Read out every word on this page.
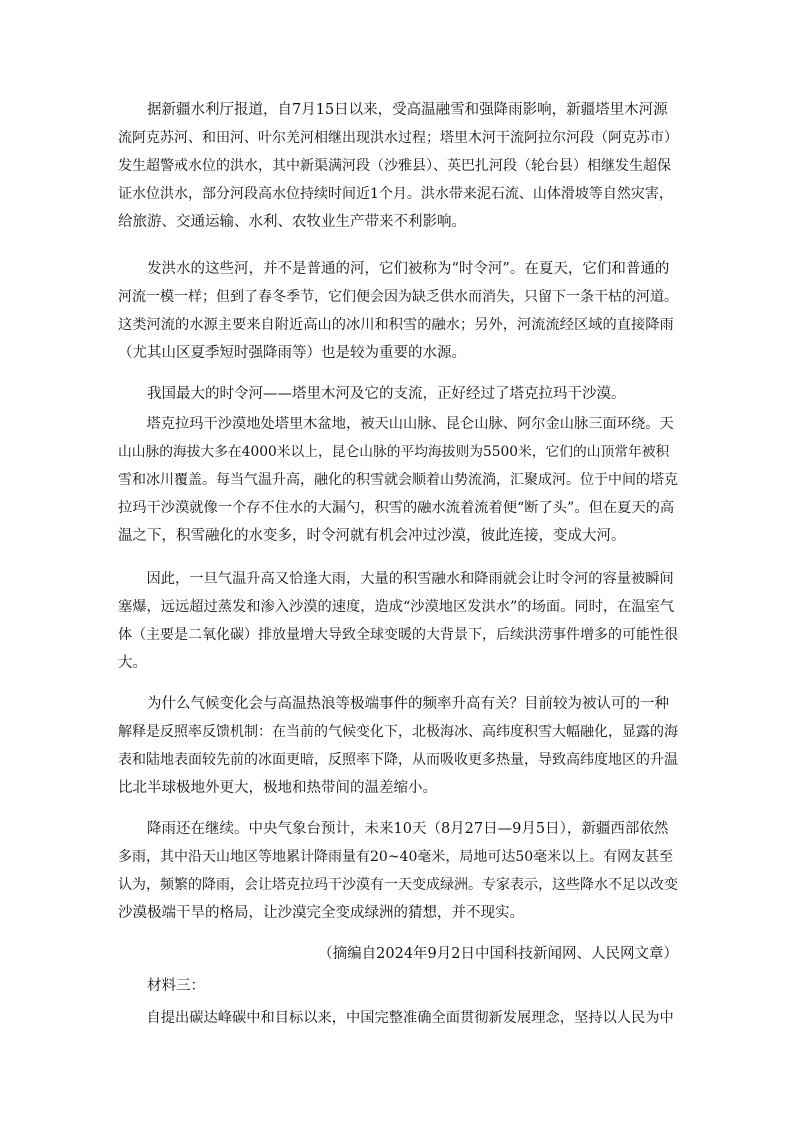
据新疆水利厅报道，自7月15日以来，受高温融雪和强降雨影响，新疆塔里木河源
流阿克苏河、和田河、叶尔羌河相继出现洪水过程；塔里木河干流阿拉尔河段（阿克苏市）
发生超警戒水位的洪水，其中新渠满河段（沙雅县）、英巴扎河段（轮台县）相继发生超保
证水位洪水，部分河段高水位持续时间近1个月。洪水带来泥石流、山体滑坡等自然灾害，
给旅游、交通运输、水利、农牧业生产带来不利影响。
发洪水的这些河，并不是普通的河，它们被称为“时令河”。在夏天，它们和普通的
河流一模一样；但到了春冬季节，它们便会因为缺乏供水而消失，只留下一条干枯的河道。
这类河流的水源主要来自附近高山的冰川和积雪的融水；另外，河流流经区域的直接降雨
（尤其山区夏季短时强降雨等）也是较为重要的水源。
我国最大的时令河——塔里木河及它的支流，正好经过了塔克拉玛干沙漠。
塔克拉玛干沙漠地处塔里木盆地，被天山山脉、昆仑山脉、阿尔金山脉三面环绕。天
山山脉的海拔大多在4000米以上，昆仑山脉的平均海拔则为5500米，它们的山顶常年被积
雪和冰川覆盖。每当气温升高，融化的积雪就会顺着山势流淌，汇聚成河。位于中间的塔克
拉玛干沙漠就像一个存不住水的大漏勺，积雪的融水流着流着便“断了头”。但在夏天的高
温之下，积雪融化的水变多，时令河就有机会冲过沙漠，彼此连接，变成大河。
因此，一旦气温升高又恰逢大雨，大量的积雪融水和降雨就会让时令河的容量被瞬间
塞爆，远远超过蒸发和渗入沙漠的速度，造成“沙漠地区发洪水”的场面。同时，在温室气
体（主要是二氧化碳）排放量增大导致全球变暖的大背景下，后续洪涝事件增多的可能性很
大。
为什么气候变化会与高温热浪等极端事件的频率升高有关？目前较为被认可的一种
解释是反照率反馈机制：在当前的气候变化下，北极海冰、高纬度积雪大幅融化，显露的海
表和陆地表面较先前的冰面更暗，反照率下降，从而吸收更多热量，导致高纬度地区的升温
比北半球极地外更大，极地和热带间的温差缩小。
降雨还在继续。中央气象台预计，未来10天（8月27日—9月5日），新疆西部依然
多雨，其中沿天山地区等地累计降雨量有20~40毫米，局地可达50毫米以上。有网友甚至
认为，频繁的降雨，会让塔克拉玛干沙漠有一天变成绿洲。专家表示，这些降水不足以改变
沙漠极端干旱的格局，让沙漠完全变成绿洲的猜想，并不现实。
（摘编自2024年9月2日中国科技新闻网、人民网文章）
材料三：
自提出碳达峰碳中和目标以来，中国完整准确全面贯彻新发展理念，坚持以人民为中
